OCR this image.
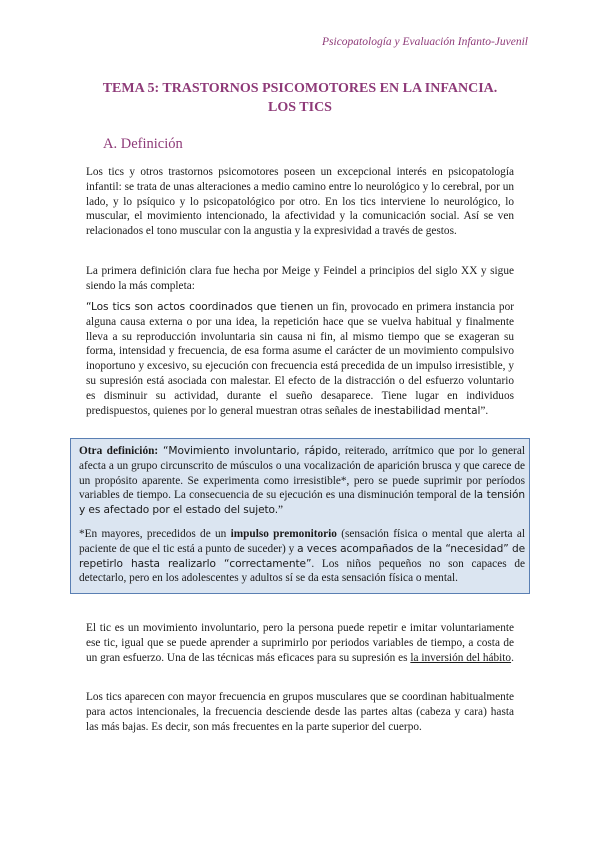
Psicopatología y Evaluación Infanto-Juvenil
TEMA 5: TRASTORNOS PSICOMOTORES EN LA INFANCIA.
LOS TICS
A. Definición

Los tics y otros trastornos psicomotores poseen un excepcional interés en psicopatología infantil: se trata de unas alteraciones a medio camino entre lo neurológico y lo cerebral, por un lado, y lo psíquico y lo psicopatológico por otro. En los tics interviene lo neurológico, lo muscular, el movimiento intencionado, la afectividad y la comunicación social. Así se ven relacionados el tono muscular con la angustia y la expresividad a través de gestos.

La primera definición clara fue hecha por Meige y Feindel a principios del siglo XX y sigue siendo la más completa:

“Los tics son actos coordinados que tienen un fin, provocado en primera instancia por alguna causa externa o por una idea, la repetición hace que se vuelva habitual y finalmente lleva a su reproducción involuntaria sin causa ni fin, al mismo tiempo que se exageran su forma, intensidad y frecuencia, de esa forma asume el carácter de un movimiento compulsivo inoportuno y excesivo, su ejecución con frecuencia está precedida de un impulso irresistible, y su supresión está asociada con malestar. El efecto de la distracción o del esfuerzo voluntario es disminuir su actividad, durante el sueño desaparece. Tiene lugar en individuos predispuestos, quienes por lo general muestran otras señales de inestabilidad mental”.

Otra definición: “Movimiento involuntario, rápido, reiterado, arrítmico que por lo general afecta a un grupo circunscrito de músculos o una vocalización de aparición brusca y que carece de un propósito aparente. Se experimenta como irresistible*, pero se puede suprimir por períodos variables de tiempo. La consecuencia de su ejecución es una disminución temporal de la tensión y es afectado por el estado del sujeto.”

*En mayores, precedidos de un impulso premonitorio (sensación física o mental que alerta al paciente de que el tic está a punto de suceder) y a veces acompañados de la “necesidad” de repetirlo hasta realizarlo “correctamente”. Los niños pequeños no son capaces de detectarlo, pero en los adolescentes y adultos sí se da esta sensación física o mental.

El tic es un movimiento involuntario, pero la persona puede repetir e imitar voluntariamente ese tic, igual que se puede aprender a suprimirlo por periodos variables de tiempo, a costa de un gran esfuerzo. Una de las técnicas más eficaces para su supresión es la inversión del hábito.

Los tics aparecen con mayor frecuencia en grupos musculares que se coordinan habitualmente para actos intencionales, la frecuencia desciende desde las partes altas (cabeza y cara) hasta las más bajas. Es decir, son más frecuentes en la parte superior del cuerpo.
